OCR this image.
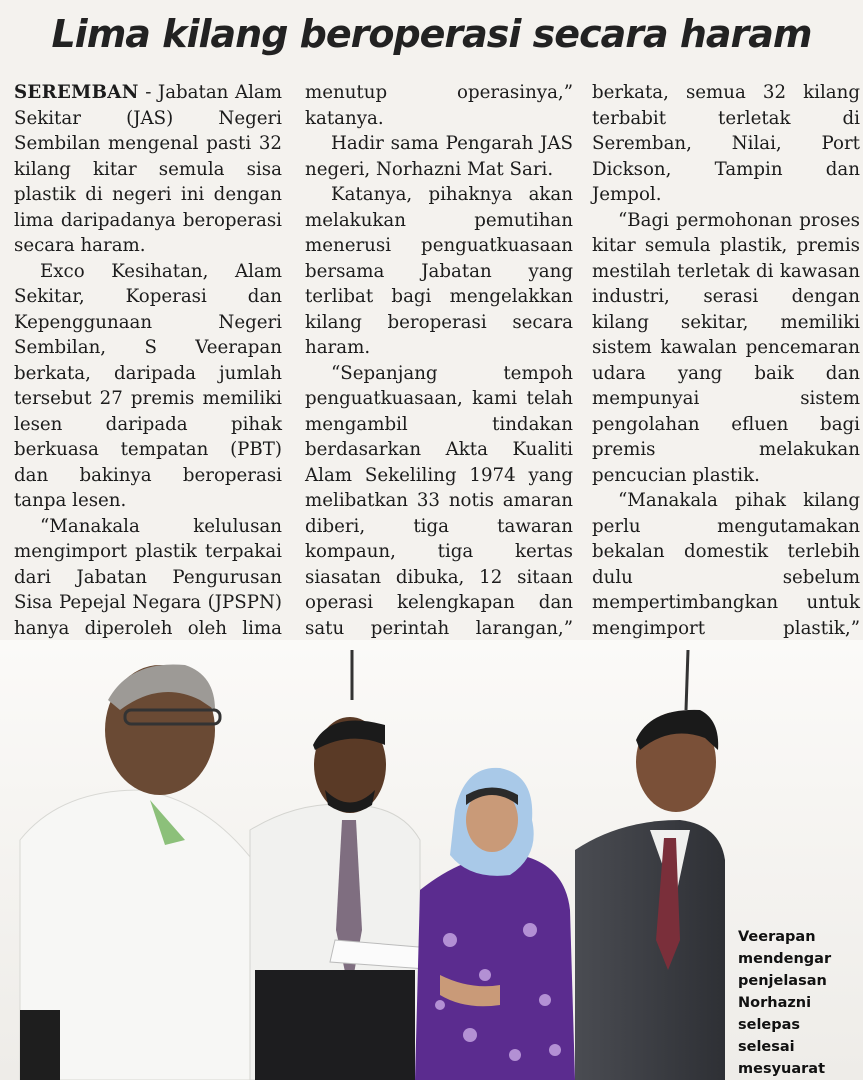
Lima kilang beroperasi secara haram

SEREMBAN - Jabatan Alam Sekitar (JAS) Negeri Sembilan mengenal pasti 32 kilang kitar semula sisa plastik di negeri ini dengan lima daripadanya beroperasi secara haram.

Exco Kesihatan, Alam Sekitar, Koperasi dan Kepenggunaan Negeri Sembilan, S Veerapan berkata, daripada jumlah tersebut 27 premis memiliki lesen daripada pihak berkuasa tempatan (PBT) dan bakinya beroperasi tanpa lesen.

“Manakala kelulusan mengimport plastik terpakai dari Jabatan Pengurusan Sisa Pepejal Negara (JPSPN) hanya diperoleh oleh lima

menutup operasinya,” katanya.

Hadir sama Pengarah JAS negeri, Norhazni Mat Sari.

Katanya, pihaknya akan melakukan pemutihan menerusi penguatkuasaan bersama Jabatan yang terlibat bagi mengelakkan kilang beroperasi secara haram.

“Sepanjang tempoh penguatkuasaan, kami telah mengambil tindakan berdasarkan Akta Kualiti Alam Sekeliling 1974 yang melibatkan 33 notis amaran diberi, tiga tawaran kompaun, tiga kertas siasatan dibuka, 12 sitaan operasi kelengkapan dan satu perintah larangan,”

berkata, semua 32 kilang terbabit terletak di Seremban, Nilai, Port Dickson, Tampin dan Jempol.

“Bagi permohonan proses kitar semula plastik, premis mestilah terletak di kawasan industri, serasi dengan kilang sekitar, memiliki sistem kawalan pencemaran udara yang baik dan mempunyai sistem pengolahan efluen bagi premis melakukan pencucian plastik.

“Manakala pihak kilang perlu mengutamakan bekalan domestik terlebih dulu sebelum mempertimbangkan untuk mengimport plastik,”

Veerapan
mendengar
penjelasan
Norhazni
selepas
selesai
mesyuarat
